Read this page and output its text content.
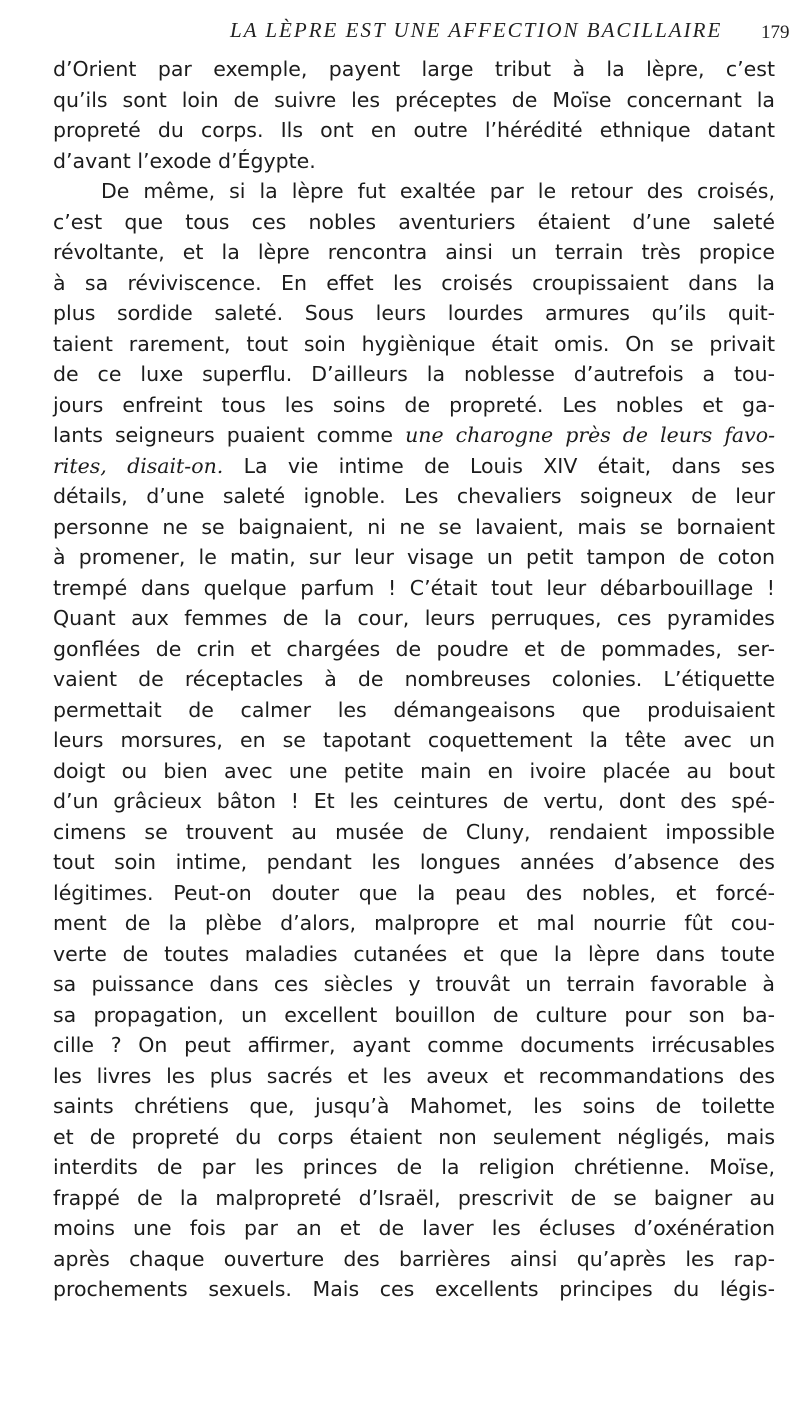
LA LÈPRE EST UNE AFFECTION BACILLAIRE 179
d’Orient par exemple, payent large tribut à la lèpre, c’est
qu’ils sont loin de suivre les préceptes de Moïse concernant la
propreté du corps. Ils ont en outre l’hérédité ethnique datant
d’avant l’exode d’Égypte.
De même, si la lèpre fut exaltée par le retour des croisés,
c’est que tous ces nobles aventuriers étaient d’une saleté
révoltante, et la lèpre rencontra ainsi un terrain très propice
à sa réviviscence. En effet les croisés croupissaient dans la
plus sordide saleté. Sous leurs lourdes armures qu’ils quit-
taient rarement, tout soin hygiènique était omis. On se privait
de ce luxe superflu. D’ailleurs la noblesse d’autrefois a tou-
jours enfreint tous les soins de propreté. Les nobles et ga-
lants seigneurs puaient comme une charogne près de leurs favo-
rites, disait-on. La vie intime de Louis XIV était, dans ses
détails, d’une saleté ignoble. Les chevaliers soigneux de leur
personne ne se baignaient, ni ne se lavaient, mais se bornaient
à promener, le matin, sur leur visage un petit tampon de coton
trempé dans quelque parfum ! C’était tout leur débarbouillage !
Quant aux femmes de la cour, leurs perruques, ces pyramides
gonflées de crin et chargées de poudre et de pommades, ser-
vaient de réceptacles à de nombreuses colonies. L’étiquette
permettait de calmer les démangeaisons que produisaient
leurs morsures, en se tapotant coquettement la tête avec un
doigt ou bien avec une petite main en ivoire placée au bout
d’un grâcieux bâton ! Et les ceintures de vertu, dont des spé-
cimens se trouvent au musée de Cluny, rendaient impossible
tout soin intime, pendant les longues années d’absence des
légitimes. Peut-on douter que la peau des nobles, et forcé-
ment de la plèbe d’alors, malpropre et mal nourrie fût cou-
verte de toutes maladies cutanées et que la lèpre dans toute
sa puissance dans ces siècles y trouvât un terrain favorable à
sa propagation, un excellent bouillon de culture pour son ba-
cille ? On peut affirmer, ayant comme documents irrécusables
les livres les plus sacrés et les aveux et recommandations des
saints chrétiens que, jusqu’à Mahomet, les soins de toilette
et de propreté du corps étaient non seulement négligés, mais
interdits de par les princes de la religion chrétienne. Moïse,
frappé de la malpropreté d’Israël, prescrivit de se baigner au
moins une fois par an et de laver les écluses d’oxénération
après chaque ouverture des barrières ainsi qu’après les rap-
prochements sexuels. Mais ces excellents principes du légis-
